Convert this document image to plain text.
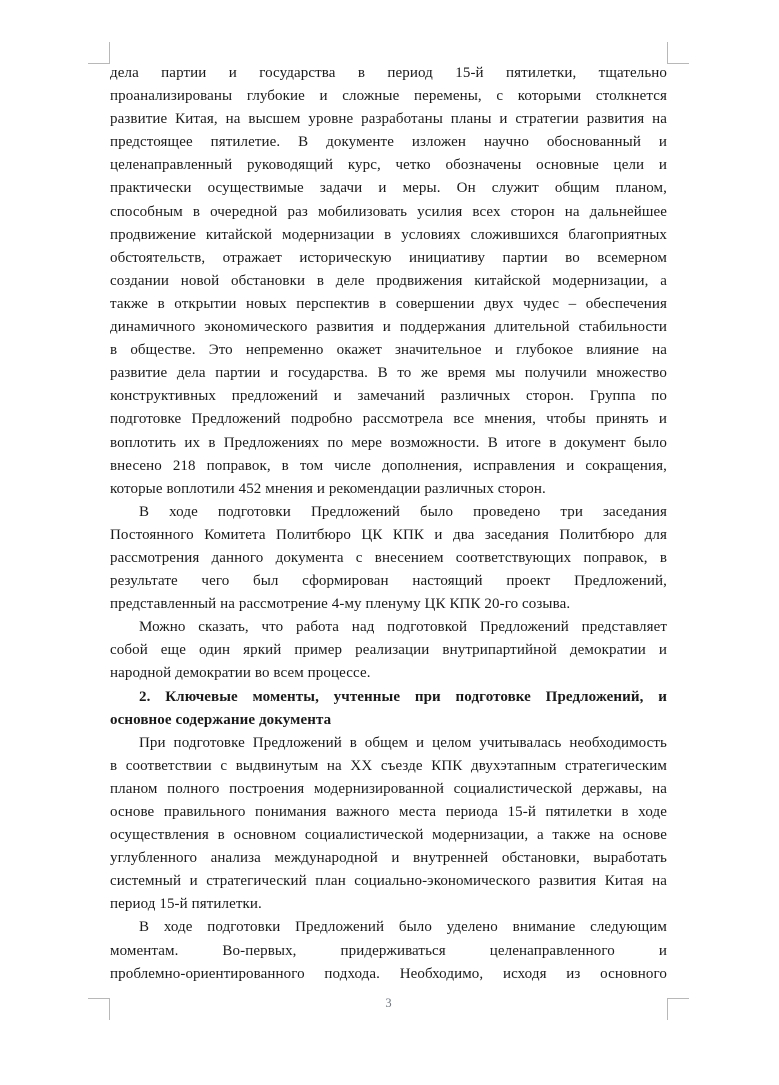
дела партии и государства в период 15-й пятилетки, тщательно
проанализированы глубокие и сложные перемены, с которыми столкнется
развитие Китая, на высшем уровне разработаны планы и стратегии развития на
предстоящее пятилетие. В документе изложен научно обоснованный и
целенаправленный руководящий курс, четко обозначены основные цели и
практически осуществимые задачи и меры. Он служит общим планом,
способным в очередной раз мобилизовать усилия всех сторон на дальнейшее
продвижение китайской модернизации в условиях сложившихся благоприятных
обстоятельств, отражает историческую инициативу партии во всемерном
создании новой обстановки в деле продвижения китайской модернизации, а
также в открытии новых перспектив в совершении двух чудес – обеспечения
динамичного экономического развития и поддержания длительной стабильности
в обществе. Это непременно окажет значительное и глубокое влияние на
развитие дела партии и государства. В то же время мы получили множество
конструктивных предложений и замечаний различных сторон. Группа по
подготовке Предложений подробно рассмотрела все мнения, чтобы принять и
воплотить их в Предложениях по мере возможности. В итоге в документ было
внесено 218 поправок, в том числе дополнения, исправления и сокращения,
которые воплотили 452 мнения и рекомендации различных сторон.
В ходе подготовки Предложений было проведено три заседания
Постоянного Комитета Политбюро ЦК КПК и два заседания Политбюро для
рассмотрения данного документа с внесением соответствующих поправок, в
результате чего был сформирован настоящий проект Предложений,
представленный на рассмотрение 4-му пленуму ЦК КПК 20-го созыва.
Можно сказать, что работа над подготовкой Предложений представляет
собой еще один яркий пример реализации внутрипартийной демократии и
народной демократии во всем процессе.
2. Ключевые моменты, учтенные при подготовке Предложений, и
основное содержание документа
При подготовке Предложений в общем и целом учитывалась необходимость
в соответствии с выдвинутым на XX съезде КПК двухэтапным стратегическим
планом полного построения модернизированной социалистической державы, на
основе правильного понимания важного места периода 15-й пятилетки в ходе
осуществления в основном социалистической модернизации, а также на основе
углубленного анализа международной и внутренней обстановки, выработать
системный и стратегический план социально-экономического развития Китая на
период 15-й пятилетки.
В ходе подготовки Предложений было уделено внимание следующим
моментам. Во-первых, придерживаться целенаправленного и
проблемно-ориентированного подхода. Необходимо, исходя из основного
3
